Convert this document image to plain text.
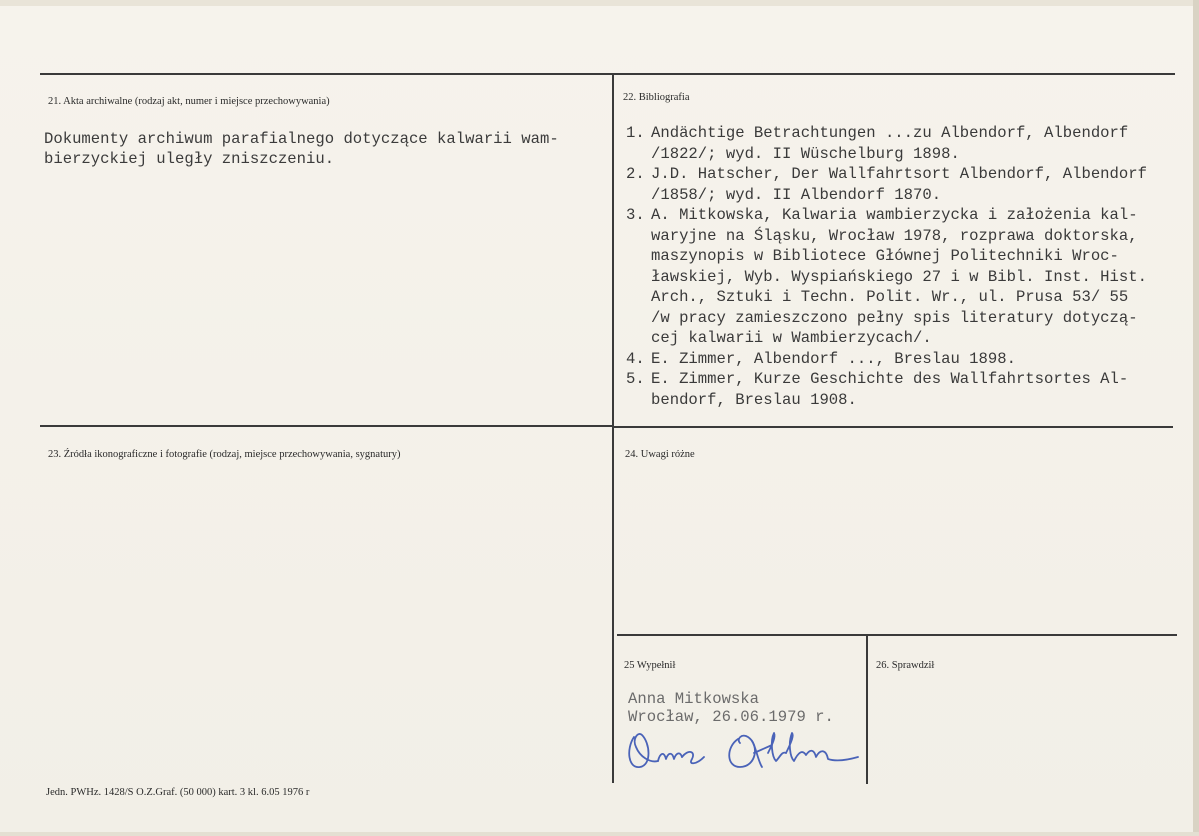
21. Akta archiwalne (rodzaj akt, numer i miejsce przechowywania)
Dokumenty archiwum parafialnego dotyczące kalwarii wam-
bierzyckiej uległy zniszczeniu.
22. Bibliografia
1. Andächtige Betrachtungen ...zu Albendorf, Albendorf
/1822/; wyd. II Wüschelburg 1898.
2. J.D. Hatscher, Der Wallfahrtsort Albendorf, Albendorf
/1858/; wyd. II Albendorf 1870.
3. A. Mitkowska, Kalwaria wambierzycka i założenia kal-
waryjne na Śląsku, Wrocław 1978, rozprawa doktorska,
maszynopis w Bibliotece Głównej Politechniki Wroc-
ławskiej, Wyb. Wyspiańskiego 27 i w Bibl. Inst. Hist.
Arch., Sztuki i Techn. Polit. Wr., ul. Prusa 53/ 55
/w pracy zamieszczono pełny spis literatury dotyczą-
cej kalwarii w Wambierzycach/.
4. E. Zimmer, Albendorf ..., Breslau 1898.
5. E. Zimmer, Kurze Geschichte des Wallfahrtsortes Al-
bendorf, Breslau 1908.
23. Źródła ikonograficzne i fotografie (rodzaj, miejsce przechowywania, sygnatury)	24. Uwagi różne
25 Wypełnił
Anna Mitkowska
Wrocław, 26.06.1979 r.
26. Sprawdził
Jedn. PWHz. 1428/S O.Z.Graf. (50 000) kart. 3 kl. 6.05 1976 r
